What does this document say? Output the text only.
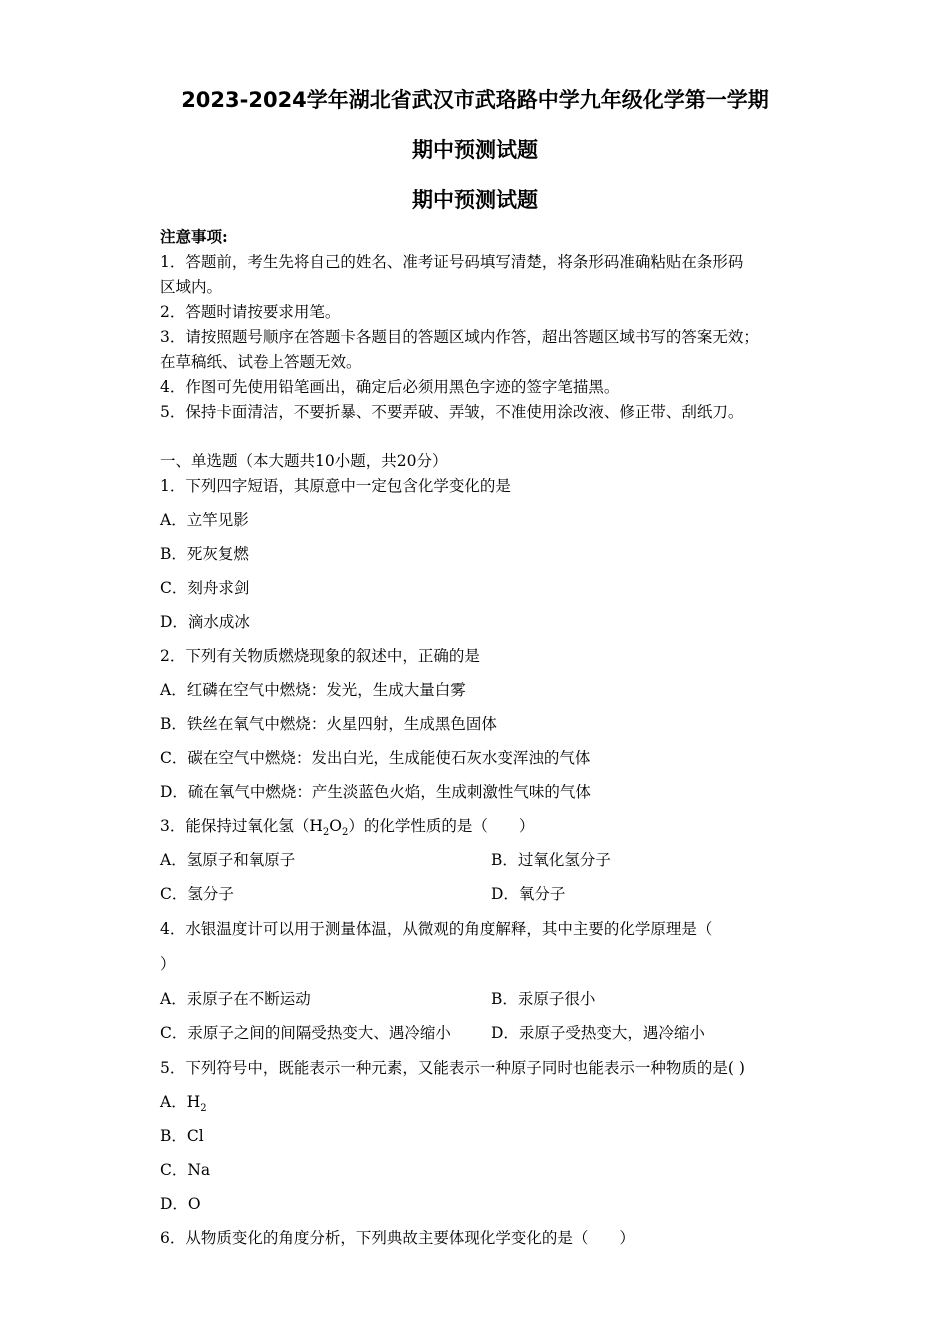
2023-2024学年湖北省武汉市武珞路中学九年级化学第一学期
期中预测试题
期中预测试题
注意事项:
1．答题前，考生先将自己的姓名、准考证号码填写清楚，将条形码准确粘贴在条形码
区域内。
2．答题时请按要求用笔。
3．请按照题号顺序在答题卡各题目的答题区域内作答，超出答题区域书写的答案无效；
在草稿纸、试卷上答题无效。
4．作图可先使用铅笔画出，确定后必须用黑色字迹的签字笔描黑。
5．保持卡面清洁，不要折暴、不要弄破、弄皱，不准使用涂改液、修正带、刮纸刀。
一、单选题（本大题共10小题，共20分）
1．下列四字短语，其原意中一定包含化学变化的是
A．立竿见影
B．死灰复燃
C．刻舟求剑
D．滴水成冰
2．下列有关物质燃烧现象的叙述中，正确的是
A．红磷在空气中燃烧：发光，生成大量白雾
B．铁丝在氧气中燃烧：火星四射，生成黑色固体
C．碳在空气中燃烧：发出白光，生成能使石灰水变浑浊的气体
D．硫在氧气中燃烧：产生淡蓝色火焰，生成刺激性气味的气体
3．能保持过氧化氢$(H_2O_2)$的化学性质的是（　　）
A．氢原子和氧原子	B．过氧化氢分子
C．氢分子	D．氧分子
4．水银温度计可以用于测量体温，从微观的角度解释，其中主要的化学原理是（
）
A．汞原子在不断运动	B．汞原子很小
C．汞原子之间的间隔受热变大、遇冷缩小	D．汞原子受热变大，遇冷缩小
5．下列符号中，既能表示一种元素，又能表示一种原子同时也能表示一种物质的是( )
A．$H_2$
B．Cl
C．Na
D．O
6．从物质变化的角度分析，下列典故主要体现化学变化的是（　　）
